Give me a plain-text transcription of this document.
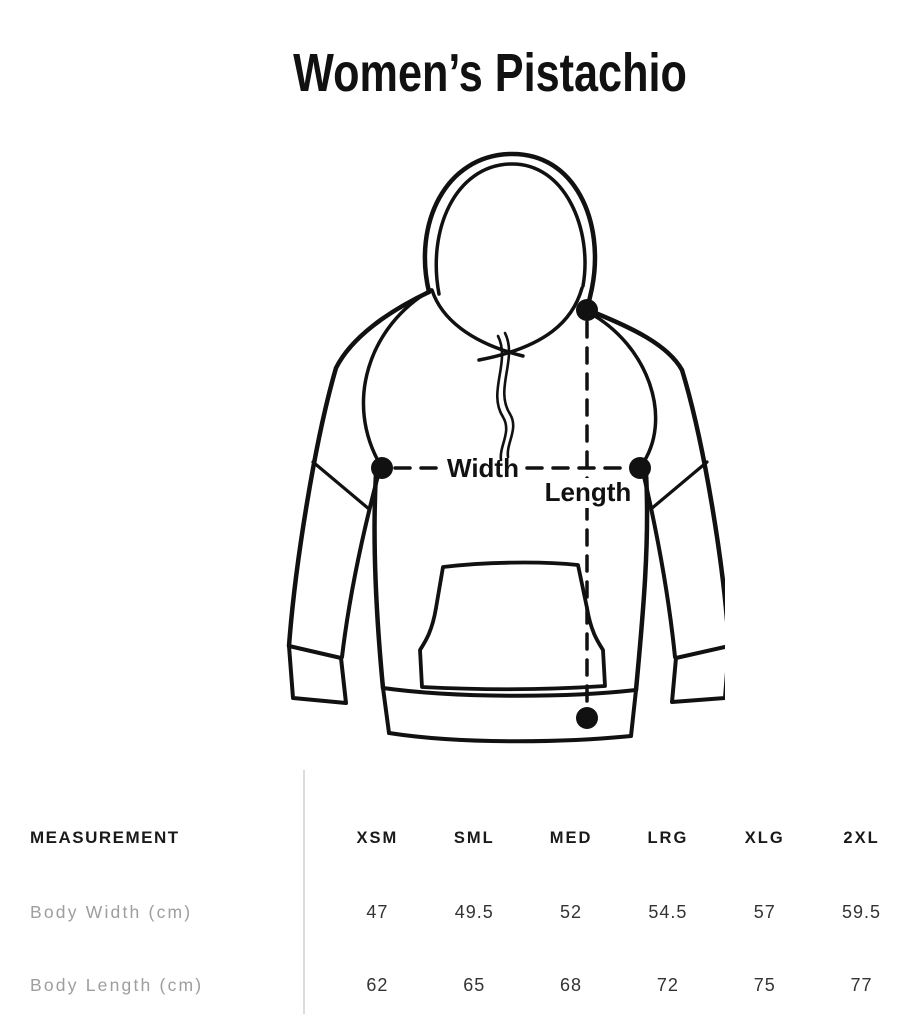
Women’s Pistachio
Width
Length
MEASUREMENT	XSM	SML	MED	LRG	XLG	2XL
Body Width (cm)	47	49.5	52	54.5	57	59.5
Body Length (cm)	62	65	68	72	75	77
